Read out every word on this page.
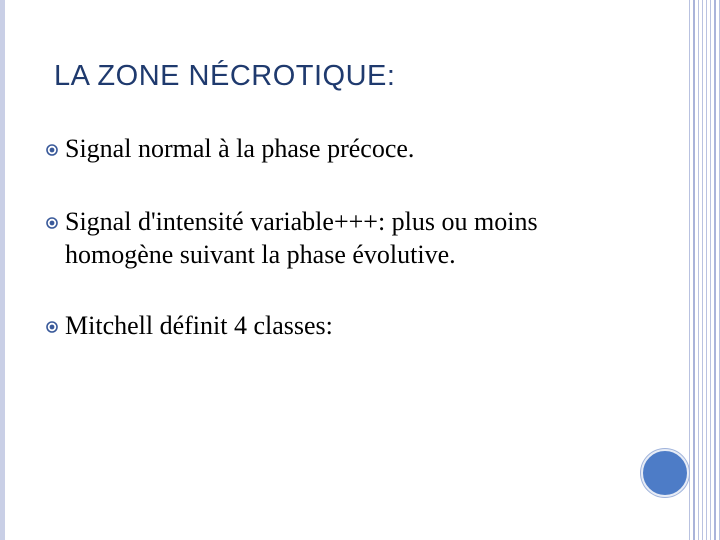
LA ZONE NÉCROTIQUE:
Signal normal à la phase précoce.
Signal d'intensité variable+++: plus ou moins homogène suivant la phase évolutive.
Mitchell définit 4 classes:
